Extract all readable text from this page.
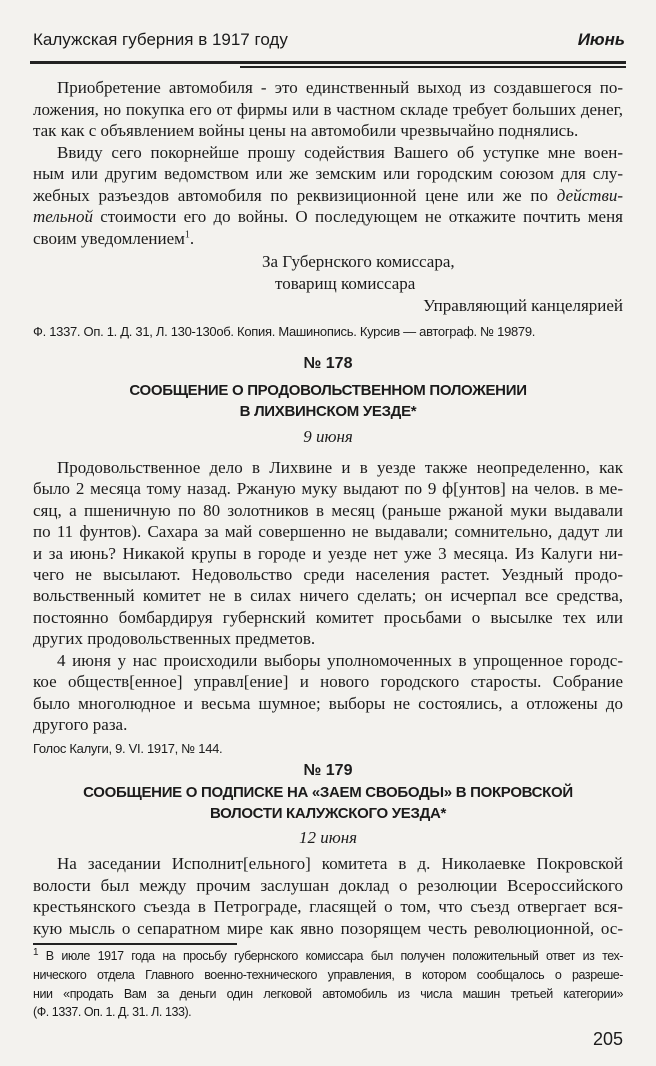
Калужская губерния в 1917 году	Июнь
Приобретение автомобиля - это единственный выход из создавшегося по-
ложения, но покупка его от фирмы или в частном складе требует больших денег,
так как с объявлением войны цены на автомобили чрезвычайно поднялись.
Ввиду сего покорнейше прошу содействия Вашего об уступке мне воен-
ным или другим ведомством или же земским или городским союзом для слу-
жебных разъездов автомобиля по реквизиционной цене или же по действи-
тельной стоимости его до войны. О последующем не откажите почтить меня
своим уведомлением$^1$.
За Губернского комиссара,
товарищ комиссара
Управляющий канцелярией
Ф. 1337. Оп. 1. Д. 31, Л. 130-130об. Копия. Машинопись. Курсив — автограф. № 19879.
№ 178
СООБЩЕНИЕ О ПРОДОВОЛЬСТВЕННОМ ПОЛОЖЕНИИ
В ЛИХВИНСКОМ УЕЗДЕ*
9 июня
Продовольственное дело в Лихвине и в уезде также неопределенно, как
было 2 месяца тому назад. Ржаную муку выдают по 9 ф[унтов] на челов. в ме-
сяц, а пшеничную по 80 золотников в месяц (раньше ржаной муки выдавали
по 11 фунтов). Сахара за май совершенно не выдавали; сомнительно, дадут ли
и за июнь? Никакой крупы в городе и уезде нет уже 3 месяца. Из Калуги ни-
чего не высылают. Недовольство среди населения растет. Уездный продо-
вольственный комитет не в силах ничего сделать; он исчерпал все средства,
постоянно бомбардируя губернский комитет просьбами о высылке тех или
других продовольственных предметов.
4 июня у нас происходили выборы уполномоченных в упрощенное городс-
кое обществ[енное] управл[ение] и нового городского старосты. Собрание
было многолюдное и весьма шумное; выборы не состоялись, а отложены до
другого раза.
Голос Калуги, 9. VI. 1917, № 144.
№ 179
СООБЩЕНИЕ О ПОДПИСКЕ НА «ЗАЕМ СВОБОДЫ» В ПОКРОВСКОЙ
ВОЛОСТИ КАЛУЖСКОГО УЕЗДА*
12 июня
На заседании Исполнит[ельного] комитета в д. Николаевке Покровской
волости был между прочим заслушан доклад о резолюции Всероссийского
крестьянского съезда в Петрограде, гласящей о том, что съезд отвергает вся-
кую мысль о сепаратном мире как явно позорящем честь революционной, ос-
$^1$ В июле 1917 года на просьбу губернского комиссара был получен положительный ответ из тех-
нического отдела Главного военно-технического управления, в котором сообщалось о разреше-
нии «продать Вам за деньги один легковой автомобиль из числа машин третьей категории»
(Ф. 1337. Оп. 1. Д. 31. Л. 133).
205
